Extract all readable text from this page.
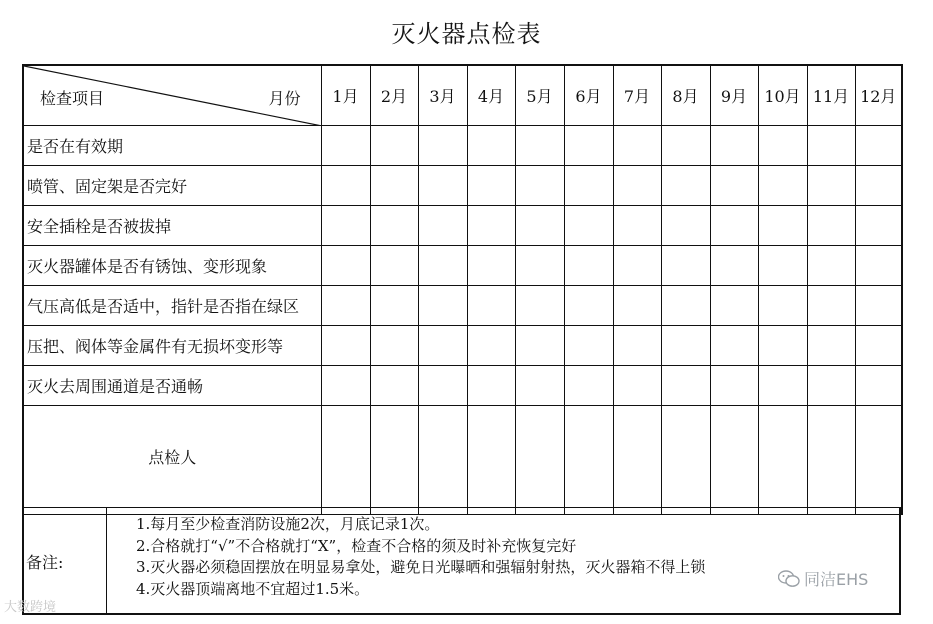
灭火器点检表
检查项目 月份	1月	2月	3月	4月	5月	6月	7月	8月	9月	10月	11月	12月
是否在有效期												
喷管、固定架是否完好												
安全插栓是否被拔掉												
灭火器罐体是否有锈蚀、变形现象												
气压高低是否适中，指针是否指在绿区												
压把、阀体等金属件有无损坏变形等												
灭火去周围通道是否通畅												
点检人												
备注:
1.每月至少检查消防设施2次，月底记录1次。
2.合格就打“√”不合格就打“X”，检查不合格的须及时补充恢复完好
3.灭火器必须稳固摆放在明显易拿处，避免日光曝晒和强辐射射热，灭火器箱不得上锁
4.灭火器顶端离地不宜超过1.5米。
大数跨境
同洁EHS
